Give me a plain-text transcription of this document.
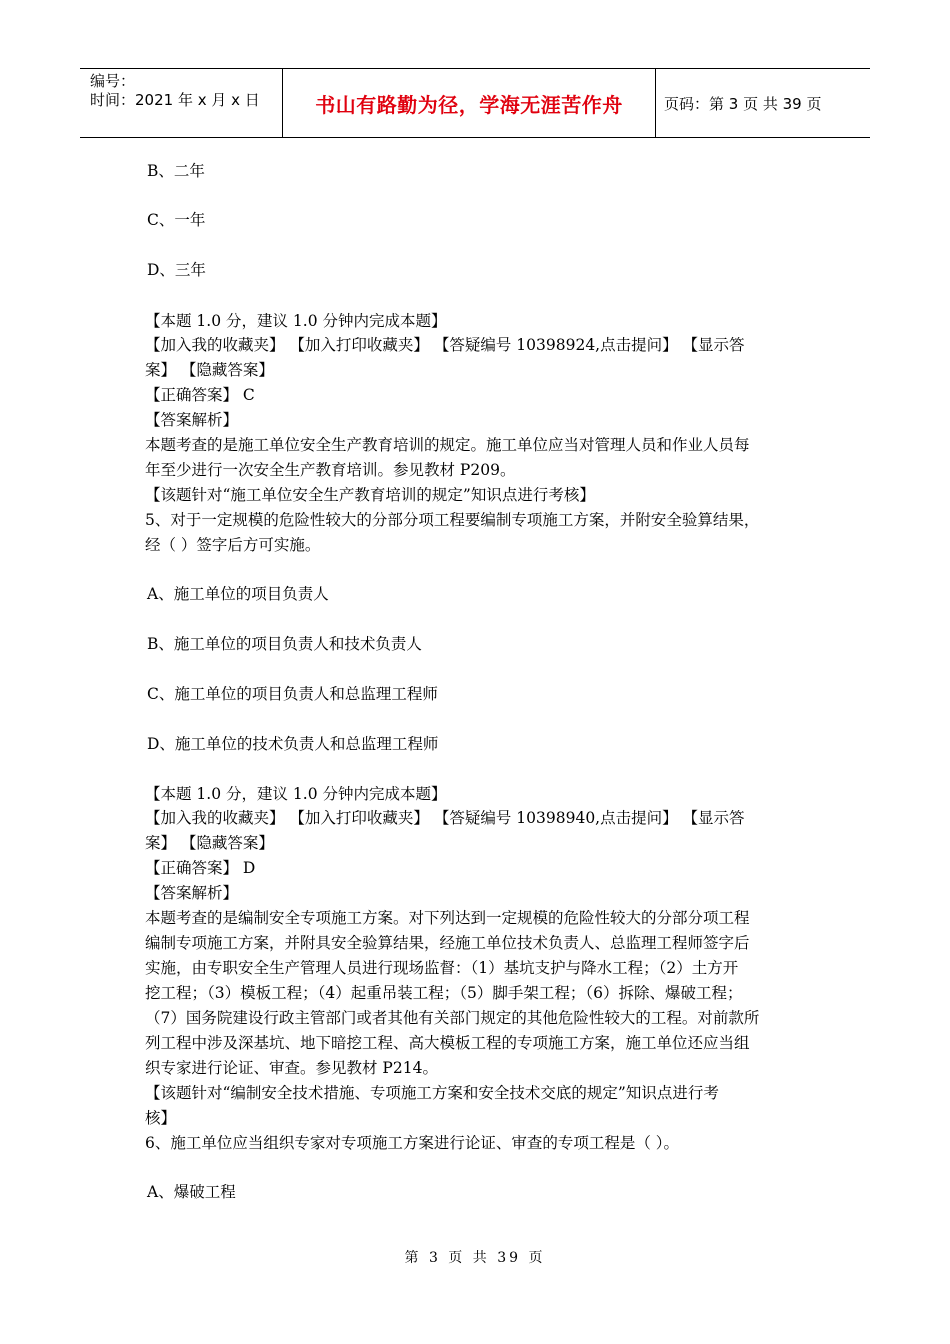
编号：
时间：2021 年 x 月 x 日	书山有路勤为径，学海无涯苦作舟	页码：第 3 页 共 39 页
B、二年
C、一年
D、三年
【本题 1.0 分，建议 1.0 分钟内完成本题】
【加入我的收藏夹】 【加入打印收藏夹】 【答疑编号 10398924,点击提问】 【显示答
案】 【隐藏答案】
【正确答案】 C
【答案解析】
本题考查的是施工单位安全生产教育培训的规定。施工单位应当对管理人员和作业人员每
年至少进行一次安全生产教育培训。参见教材 P209。
【该题针对“施工单位安全生产教育培训的规定”知识点进行考核】
5、对于一定规模的危险性较大的分部分项工程要编制专项施工方案，并附安全验算结果，
经（ ）签字后方可实施。
A、施工单位的项目负责人
B、施工单位的项目负责人和技术负责人
C、施工单位的项目负责人和总监理工程师
D、施工单位的技术负责人和总监理工程师
【本题 1.0 分，建议 1.0 分钟内完成本题】
【加入我的收藏夹】 【加入打印收藏夹】 【答疑编号 10398940,点击提问】 【显示答
案】 【隐藏答案】
【正确答案】 D
【答案解析】
本题考查的是编制安全专项施工方案。对下列达到一定规模的危险性较大的分部分项工程
编制专项施工方案，并附具安全验算结果，经施工单位技术负责人、总监理工程师签字后
实施，由专职安全生产管理人员进行现场监督：（1）基坑支护与降水工程；（2）土方开
挖工程；（3）模板工程；（4）起重吊装工程；（5）脚手架工程；（6）拆除、爆破工程；
（7）国务院建设行政主管部门或者其他有关部门规定的其他危险性较大的工程。对前款所
列工程中涉及深基坑、地下暗挖工程、高大模板工程的专项施工方案，施工单位还应当组
织专家进行论证、审查。参见教材 P214。
【该题针对“编制安全技术措施、专项施工方案和安全技术交底的规定”知识点进行考
核】
6、施工单位应当组织专家对专项施工方案进行论证、审查的专项工程是（ ）。
A、爆破工程
第 3 页 共 39 页
